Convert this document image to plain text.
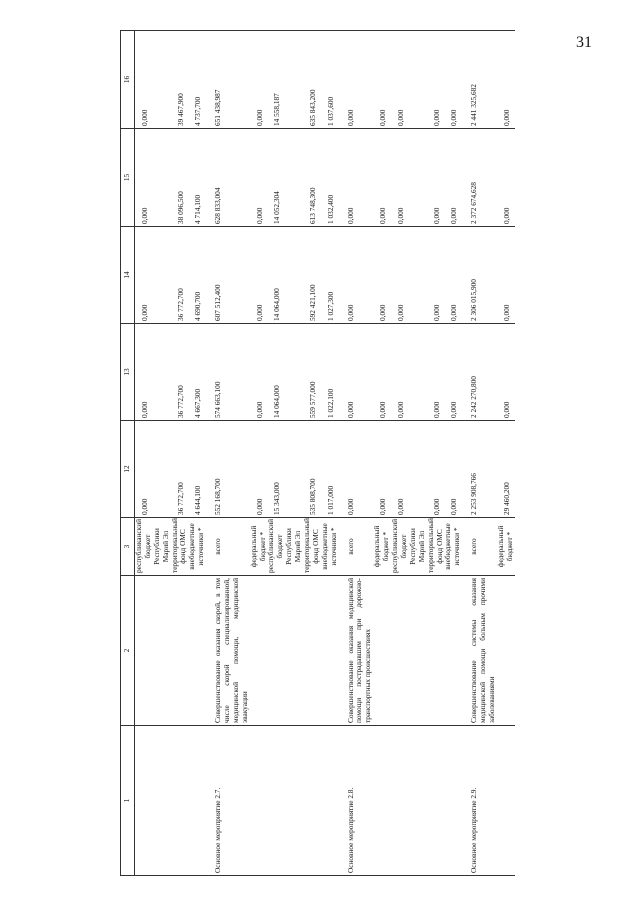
31
1	2	3	12	13	14	15	16
		республиканский бюджет Республики Марий Эл	0,000	0,000	0,000	0,000	0,000
		территориальный фонд ОМС	36 772,700	36 772,700	36 772,700	38 096,500	39 467,900
		внебюджетные источники *	4 644,100	4 667,300	4 690,700	4 714,100	4 737,700
Основное мероприятие 2.7.	Совершенствование оказания скорой, в том числе скорой специализированной, медицинской помощи, медицинской эвакуации	всего	552 168,700	574 663,100	607 512,400	628 833,004	651 438,987
		федеральный бюджет *	0,000	0,000	0,000	0,000	0,000
		республиканский бюджет Республики Марий Эл	15 343,000	14 064,000	14 064,000	14 052,304	14 558,187
		территориальный фонд ОМС	535 808,700	559 577,000	592 421,100	613 748,300	635 843,200
		внебюджетные источники *	1 017,000	1 022,100	1 027,300	1 032,400	1 037,600
Основное мероприятие 2.8.	Совершенствование оказания медицинской помощи пострадавшим при дорожно-транспортных происшествиях	всего	0,000	0,000	0,000	0,000	0,000
		федеральный бюджет *	0,000	0,000	0,000	0,000	0,000
		республиканский бюджет Республики Марий Эл	0,000	0,000	0,000	0,000	0,000
		территориальный фонд ОМС	0,000	0,000	0,000	0,000	0,000
		внебюджетные источники *	0,000	0,000	0,000	0,000	0,000
Основное мероприятие 2.9.	Совершенствование системы оказания медицинской помощи больным прочими заболеваниями	всего	2 253 908,766	2 242 270,800	2 306 015,900	2 372 674,628	2 441 325,682
		федеральный бюджет *	29 460,200	0,000	0,000	0,000	0,000
